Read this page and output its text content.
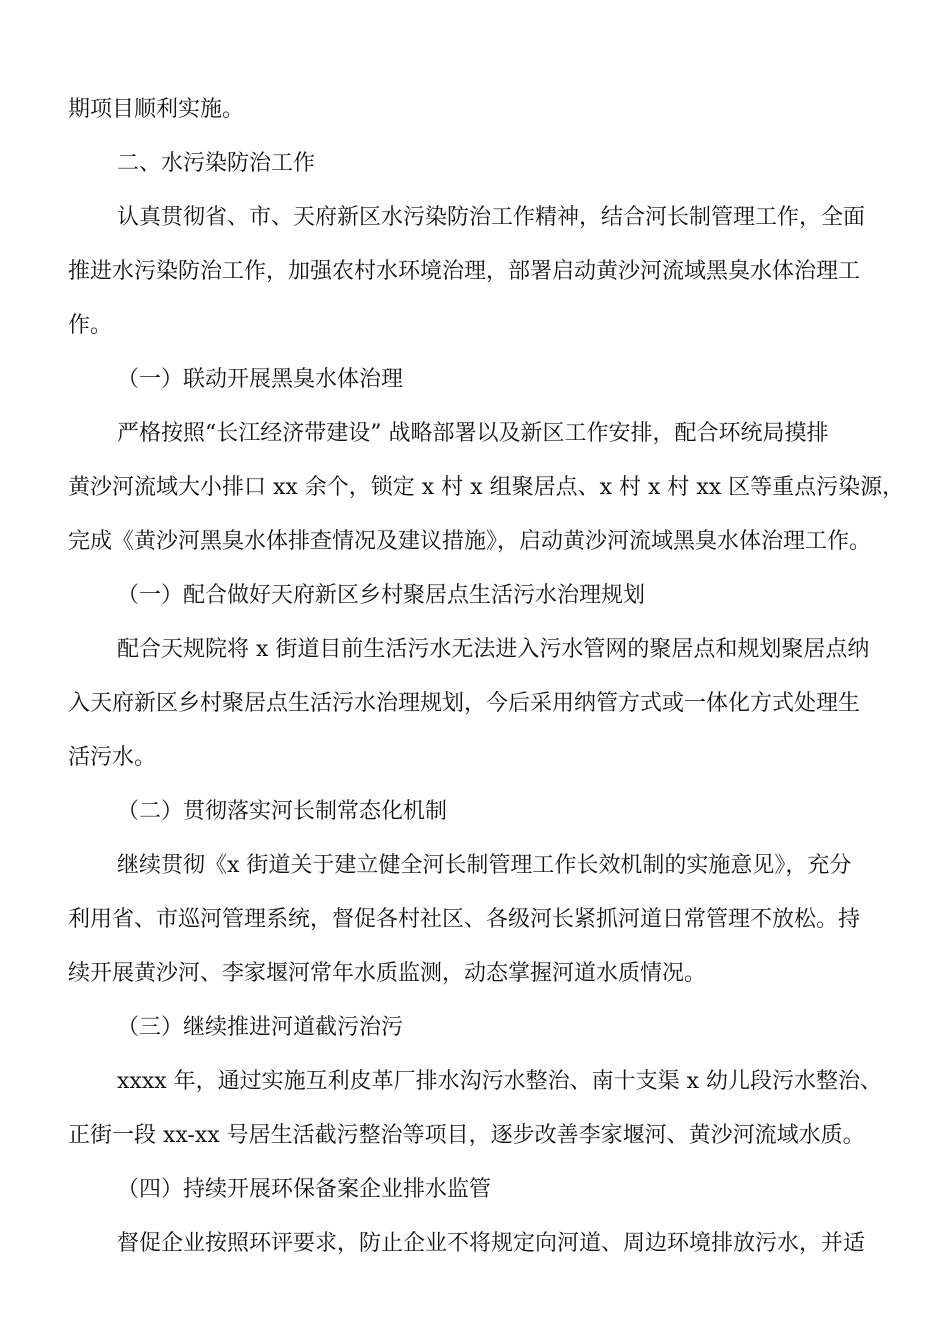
期项目顺利实施。
二、水污染防治工作
认真贯彻省、市、天府新区水污染防治工作精神，结合河长制管理工作，全面
推进水污染防治工作，加强农村水环境治理，部署启动黄沙河流域黑臭水体治理工
作。
（一）联动开展黑臭水体治理
严格按照“长江经济带建设” 战略部署以及新区工作安排，配合环统局摸排
黄沙河流域大小排口 xx 余个，锁定 x 村 x 组聚居点、x 村 x 村 xx 区等重点污染源，
完成《黄沙河黑臭水体排查情况及建议措施》，启动黄沙河流域黑臭水体治理工作。
（一）配合做好天府新区乡村聚居点生活污水治理规划
配合天规院将 x 街道目前生活污水无法进入污水管网的聚居点和规划聚居点纳
入天府新区乡村聚居点生活污水治理规划，今后采用纳管方式或一体化方式处理生
活污水。
（二）贯彻落实河长制常态化机制
继续贯彻《x 街道关于建立健全河长制管理工作长效机制的实施意见》，充分
利用省、市巡河管理系统，督促各村社区、各级河长紧抓河道日常管理不放松。持
续开展黄沙河、李家堰河常年水质监测，动态掌握河道水质情况。
（三）继续推进河道截污治污
xxxx 年，通过实施互利皮革厂排水沟污水整治、南十支渠 x 幼儿段污水整治、
正街一段 xx-xx 号居生活截污整治等项目，逐步改善李家堰河、黄沙河流域水质。
（四）持续开展环保备案企业排水监管
督促企业按照环评要求，防止企业不将规定向河道、周边环境排放污水，并适
